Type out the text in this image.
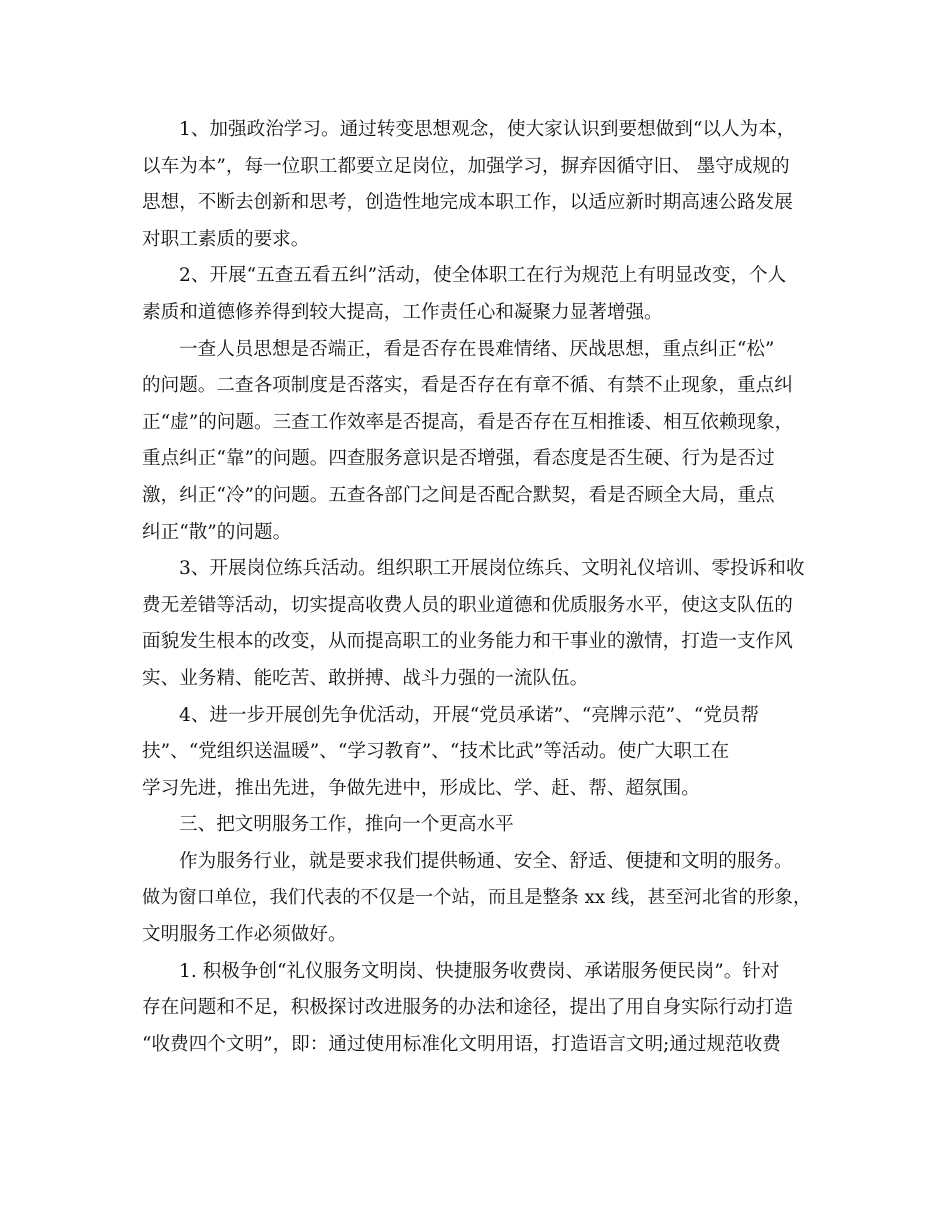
1、加强政治学习。通过转变思想观念，使大家认识到要想做到“以人为本，
以车为本”，每一位职工都要立足岗位，加强学习，摒弃因循守旧、 墨守成规的
思想，不断去创新和思考，创造性地完成本职工作，以适应新时期高速公路发展
对职工素质的要求。
2、开展“五查五看五纠”活动，使全体职工在行为规范上有明显改变，个人
素质和道德修养得到较大提高，工作责任心和凝聚力显著增强。
一查人员思想是否端正，看是否存在畏难情绪、厌战思想，重点纠正“松”
的问题。二查各项制度是否落实，看是否存在有章不循、有禁不止现象，重点纠
正“虚”的问题。三查工作效率是否提高，看是否存在互相推诿、相互依赖现象，
重点纠正“靠”的问题。四查服务意识是否增强，看态度是否生硬、行为是否过
激，纠正“冷”的问题。五查各部门之间是否配合默契，看是否顾全大局，重点
纠正“散”的问题。
3、开展岗位练兵活动。组织职工开展岗位练兵、文明礼仪培训、零投诉和收
费无差错等活动，切实提高收费人员的职业道德和优质服务水平，使这支队伍的
面貌发生根本的改变，从而提高职工的业务能力和干事业的激情，打造一支作风
实、业务精、能吃苦、敢拼搏、战斗力强的一流队伍。
4、进一步开展创先争优活动，开展“党员承诺”、“亮牌示范”、“党员帮
扶”、“党组织送温暖”、“学习教育”、“技术比武”等活动。使广大职工在
学习先进，推出先进，争做先进中，形成比、学、赶、帮、超氛围。
三、把文明服务工作，推向一个更高水平
作为服务行业，就是要求我们提供畅通、安全、舒适、便捷和文明的服务。
做为窗口单位，我们代表的不仅是一个站，而且是整条 xx 线，甚至河北省的形象，
文明服务工作必须做好。
1. 积极争创“礼仪服务文明岗、快捷服务收费岗、承诺服务便民岗”。针对
存在问题和不足，积极探讨改进服务的办法和途径，提出了用自身实际行动打造
“收费四个文明”，即：通过使用标准化文明用语，打造语言文明;通过规范收费
